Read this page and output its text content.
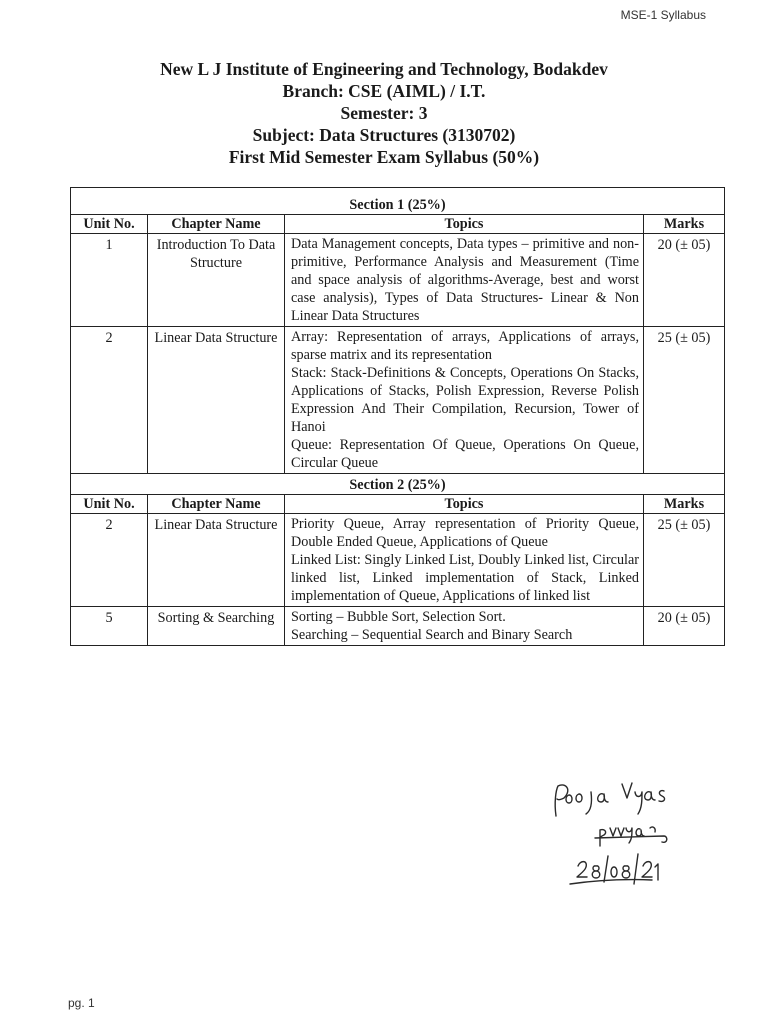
MSE-1 Syllabus
New L J Institute of Engineering and Technology, Bodakdev
Branch: CSE (AIML) / I.T.
Semester: 3
Subject: Data Structures (3130702)
First Mid Semester Exam Syllabus (50%)

Section 1 (25%)			
Unit No.	Chapter Name	Topics	Marks
1	Introduction To Data Structure	Data Management concepts, Data types – primitive and non-primitive, Performance Analysis and Measurement (Time and space analysis of algorithms-Average, best and worst case analysis), Types of Data Structures- Linear & Non Linear Data Structures	20 (± 05)
2	Linear Data Structure	Array: Representation of arrays, Applications of arrays, sparse matrix and its representation
Stack: Stack-Definitions & Concepts, Operations On Stacks, Applications of Stacks, Polish Expression, Reverse Polish Expression And Their Compilation, Recursion, Tower of Hanoi
Queue: Representation Of Queue, Operations On Queue, Circular Queue	25 (± 05)
Section 2 (25%)			
Unit No.	Chapter Name	Topics	Marks
2	Linear Data Structure	Priority Queue, Array representation of Priority Queue, Double Ended Queue, Applications of Queue
Linked List: Singly Linked List, Doubly Linked list, Circular linked list, Linked implementation of Stack, Linked implementation of Queue, Applications of linked list	25 (± 05)
5	Sorting & Searching	Sorting – Bubble Sort, Selection Sort.
Searching – Sequential Search and Binary Search	20 (± 05)
pg. 1
